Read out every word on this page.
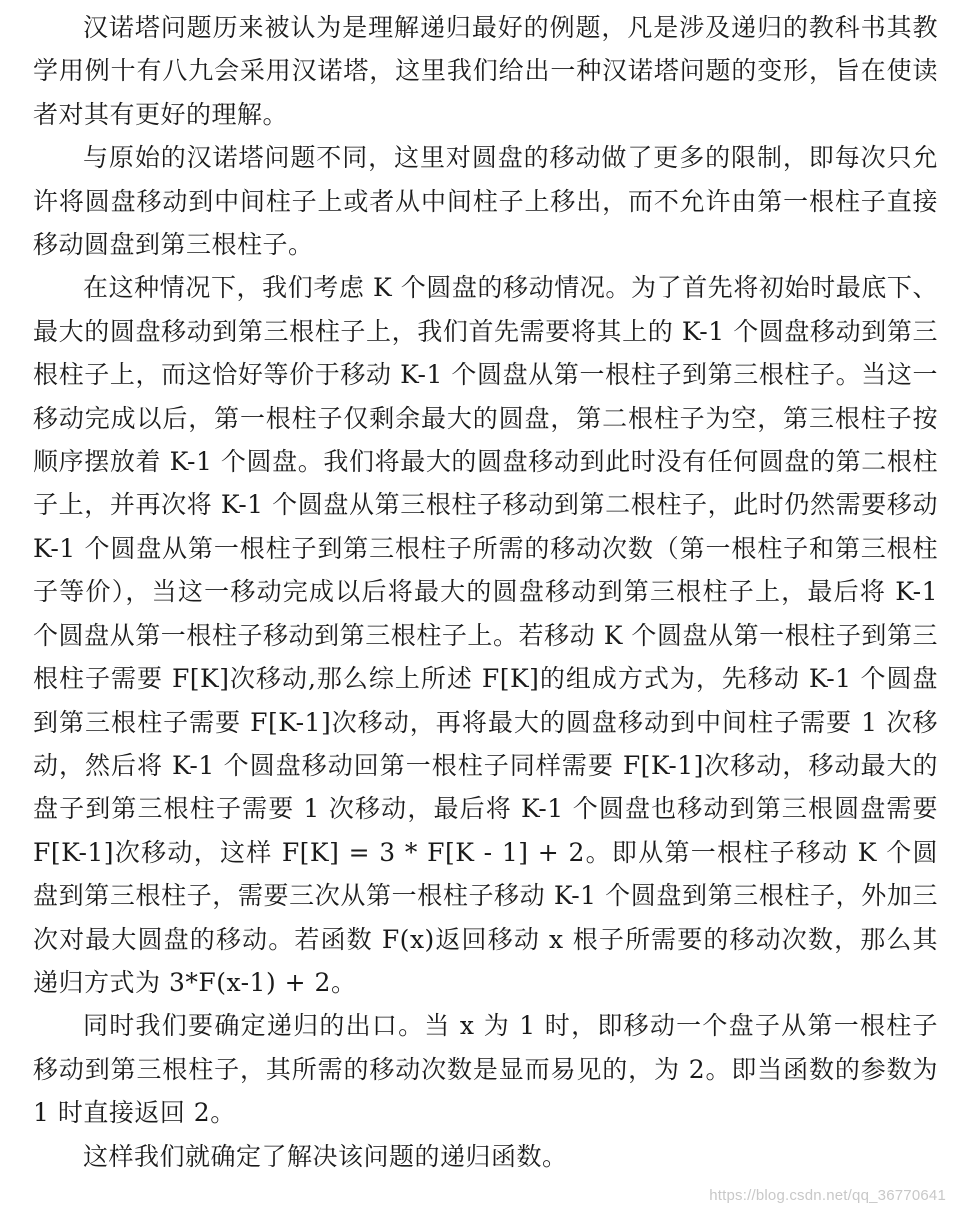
汉诺塔问题历来被认为是理解递归最好的例题，凡是涉及递归的教科书其教学用例十有八九会采用汉诺塔，这里我们给出一种汉诺塔问题的变形，旨在使读者对其有更好的理解。

与原始的汉诺塔问题不同，这里对圆盘的移动做了更多的限制，即每次只允许将圆盘移动到中间柱子上或者从中间柱子上移出，而不允许由第一根柱子直接移动圆盘到第三根柱子。

在这种情况下，我们考虑 K 个圆盘的移动情况。为了首先将初始时最底下、最大的圆盘移动到第三根柱子上，我们首先需要将其上的 K-1 个圆盘移动到第三根柱子上，而这恰好等价于移动 K-1 个圆盘从第一根柱子到第三根柱子。当这一移动完成以后，第一根柱子仅剩余最大的圆盘，第二根柱子为空，第三根柱子按顺序摆放着 K-1 个圆盘。我们将最大的圆盘移动到此时没有任何圆盘的第二根柱子上，并再次将 K-1 个圆盘从第三根柱子移动到第二根柱子，此时仍然需要移动 K-1 个圆盘从第一根柱子到第三根柱子所需的移动次数（第一根柱子和第三根柱子等价），当这一移动完成以后将最大的圆盘移动到第三根柱子上，最后将 K-1 个圆盘从第一根柱子移动到第三根柱子上。若移动 K 个圆盘从第一根柱子到第三根柱子需要 F[K]次移动,那么综上所述 F[K]的组成方式为，先移动 K-1 个圆盘到第三根柱子需要 F[K-1]次移动，再将最大的圆盘移动到中间柱子需要 1 次移动，然后将 K-1 个圆盘移动回第一根柱子同样需要 F[K-1]次移动，移动最大的盘子到第三根柱子需要 1 次移动，最后将 K-1 个圆盘也移动到第三根圆盘需要 F[K-1]次移动，这样 F[K] = 3 * F[K - 1] + 2。即从第一根柱子移动 K 个圆盘到第三根柱子，需要三次从第一根柱子移动 K-1 个圆盘到第三根柱子，外加三次对最大圆盘的移动。若函数 F(x)返回移动 x 根子所需要的移动次数，那么其递归方式为 3*F(x-1) + 2。

同时我们要确定递归的出口。当 x 为 1 时，即移动一个盘子从第一根柱子移动到第三根柱子，其所需的移动次数是显而易见的，为 2。即当函数的参数为 1 时直接返回 2。

这样我们就确定了解决该问题的递归函数。

https://blog.csdn.net/qq_36770641
